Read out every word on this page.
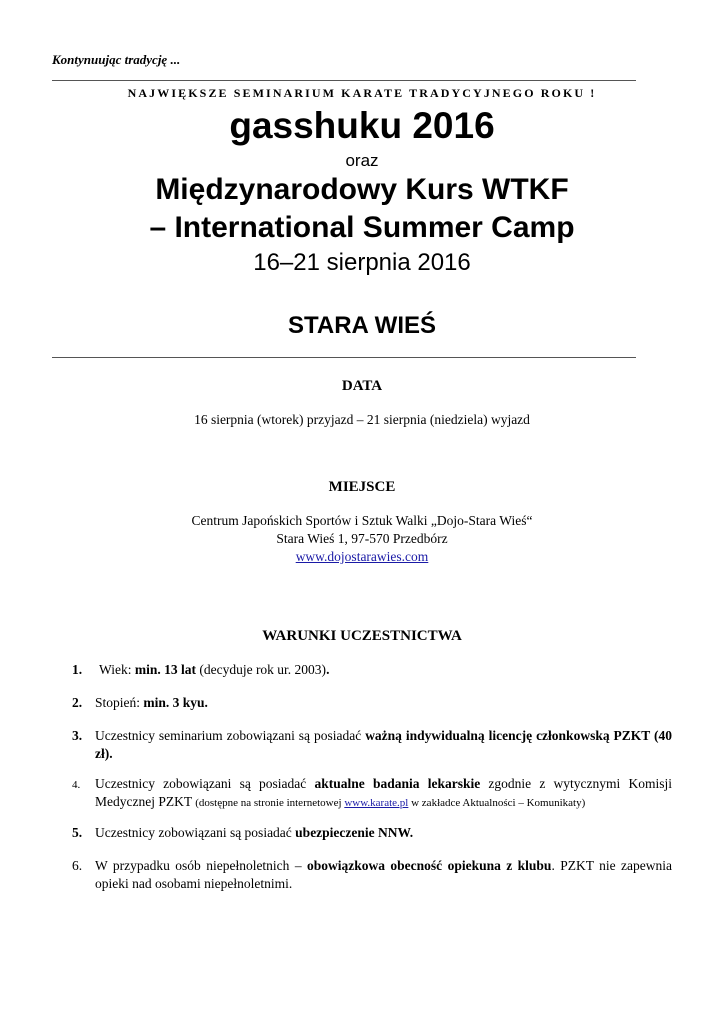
Kontynuując tradycję ...
NAJWIĘKSZE SEMINARIUM KARATE TRADYCYJNEGO ROKU !
gasshuku 2016
oraz
Międzynarodowy Kurs WTKF
– International Summer Camp
16–21 sierpnia 2016
STARA WIEŚ
DATA
16 sierpnia (wtorek) przyjazd – 21 sierpnia (niedziela) wyjazd
MIEJSCE
Centrum Japońskich Sportów i Sztuk Walki „Dojo-Stara Wieś“
Stara Wieś 1, 97-570 Przedbórz
www.dojostarawies.com
WARUNKI UCZESTNICTWA
1.	Wiek: min. 13 lat (decyduje rok ur. 2003).
2. Stopień: min. 3 kyu.
3. Uczestnicy seminarium zobowiązani są posiadać ważną indywidualną licencję członkowską PZKT (40 zł).
4.	Uczestnicy zobowiązani są posiadać aktualne badania lekarskie zgodnie z wytycznymi Komisji Medycznej PZKT (dostępne na stronie internetowej www.karate.pl w zakładce Aktualności – Komunikaty)
5. Uczestnicy zobowiązani są posiadać ubezpieczenie NNW.
6. W przypadku osób niepełnoletnich – obowiązkowa obecność opiekuna z klubu. PZKT nie zapewnia opieki nad osobami niepełnoletnimi.
